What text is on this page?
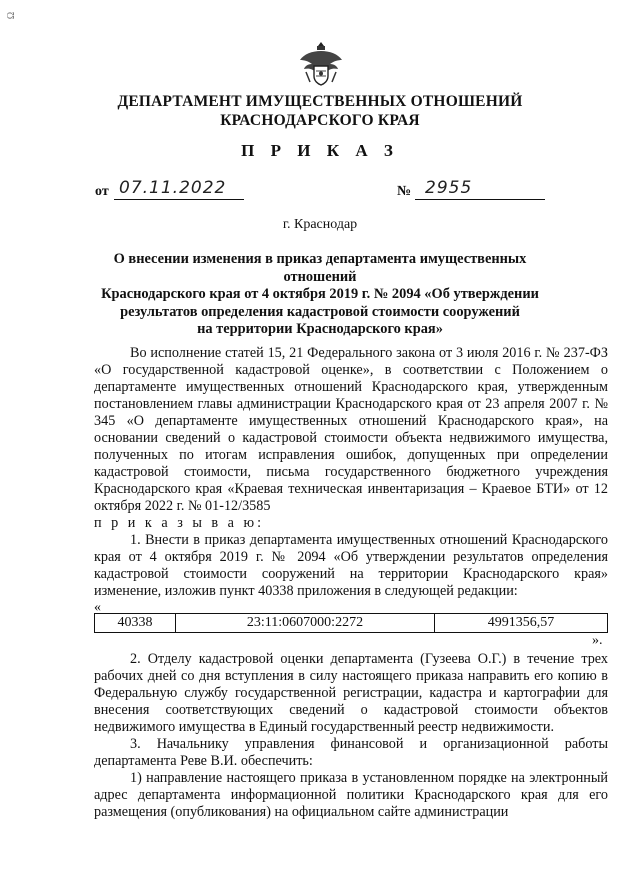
Ω
ДЕПАРТАМЕНТ ИМУЩЕСТВЕННЫХ ОТНОШЕНИЙ
КРАСНОДАРСКОГО КРАЯ
П Р И К А З
от 07.11.2022	№ 2955
г. Краснодар
О внесении изменения в приказ департамента имущественных отношений
Краснодарского края от 4 октября 2019 г. № 2094 «Об утверждении
результатов определения кадастровой стоимости сооружений
на территории Краснодарского края»

Во исполнение статей 15, 21 Федерального закона от 3 июля 2016 г. № 237-ФЗ «О государственной кадастровой оценке», в соответствии с Положением о департаменте имущественных отношений Краснодарского края, утвержденным постановлением главы администрации Краснодарского края от 23 апреля 2007 г. № 345 «О департаменте имущественных отношений Краснодарского края», на основании сведений о кадастровой стоимости объекта недвижимого имущества, полученных по итогам исправления ошибок, допущенных при определении кадастровой стоимости, письма государственного бюджетного учреждения Краснодарского края «Краевая техническая инвентаризация – Краевое БТИ» от 12 октября 2022 г. № 01-12/3585

п р и к а з ы в а ю:

1. Внести в приказ департамента имущественных отношений Краснодарского края от 4 октября 2019 г. № 2094 «Об утверждении результатов определения кадастровой стоимости сооружений на территории Краснодарского края» изменение, изложив пункт 40338 приложения в следующей редакции:

«
40338	23:11:0607000:2272	4991356,57
».

2. Отделу кадастровой оценки департамента (Гузеева О.Г.) в течение трех рабочих дней со дня вступления в силу настоящего приказа направить его копию в Федеральную службу государственной регистрации, кадастра и картографии для внесения соответствующих сведений о кадастровой стоимости объектов недвижимого имущества в Единый государственный реестр недвижимости.

3. Начальнику управления финансовой и организационной работы департамента Реве В.И. обеспечить:

1) направление настоящего приказа в установленном порядке на электронный адрес департамента информационной политики Краснодарского края для его размещения (опубликования) на официальном сайте администрации
